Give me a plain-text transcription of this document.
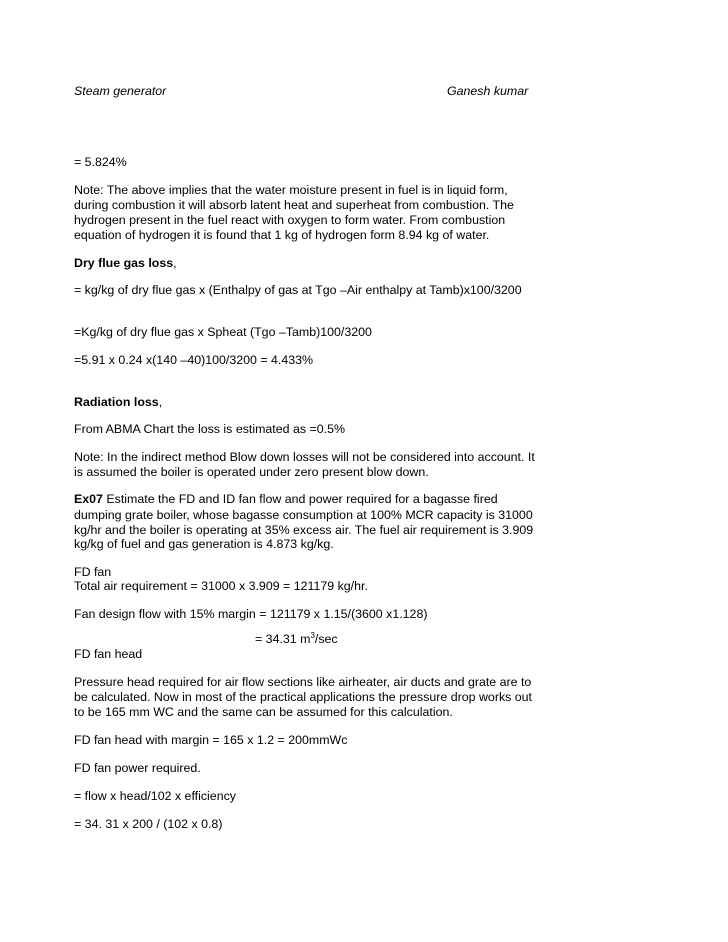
Steam generator	Ganesh kumar
= 5.824%
Note: The above implies that the water moisture present in fuel is in liquid form,
during combustion it will absorb latent heat and superheat from combustion. The
hydrogen present in the fuel react with oxygen to form water. From combustion
equation of hydrogen it is found that 1 kg of hydrogen form 8.94 kg of water.
Dry flue gas loss,
= kg/kg of dry flue gas x (Enthalpy of gas at Tgo –Air enthalpy at Tamb)x100/3200
=Kg/kg of dry flue gas x Spheat (Tgo –Tamb)100/3200
=5.91 x 0.24 x(140 –40)100/3200 = 4.433%
Radiation loss,
From ABMA Chart the loss is estimated as =0.5%
Note: In the indirect method Blow down losses will not be considered into account. It
is assumed the boiler is operated under zero present blow down.
Ex07 Estimate the FD and ID fan flow and power required for a bagasse fired
dumping grate boiler, whose bagasse consumption at 100% MCR capacity is 31000
kg/hr and the boiler is operating at 35% excess air. The fuel air requirement is 3.909
kg/kg of fuel and gas generation is 4.873 kg/kg.
FD fan
Total air requirement = 31000 x 3.909 = 121179 kg/hr.
Fan design flow with 15% margin = 121179 x 1.15/(3600 x1.128)
= 34.31 $m^3/\sec$
FD fan head
Pressure head required for air flow sections like airheater, air ducts and grate are to
be calculated. Now in most of the practical applications the pressure drop works out
to be 165 mm WC and the same can be assumed for this calculation.
FD fan head with margin = 165 x 1.2 = 200mmWc
FD fan power required.
= flow x head/102 x efficiency
= 34. 31 x 200 / (102 x 0.8)
